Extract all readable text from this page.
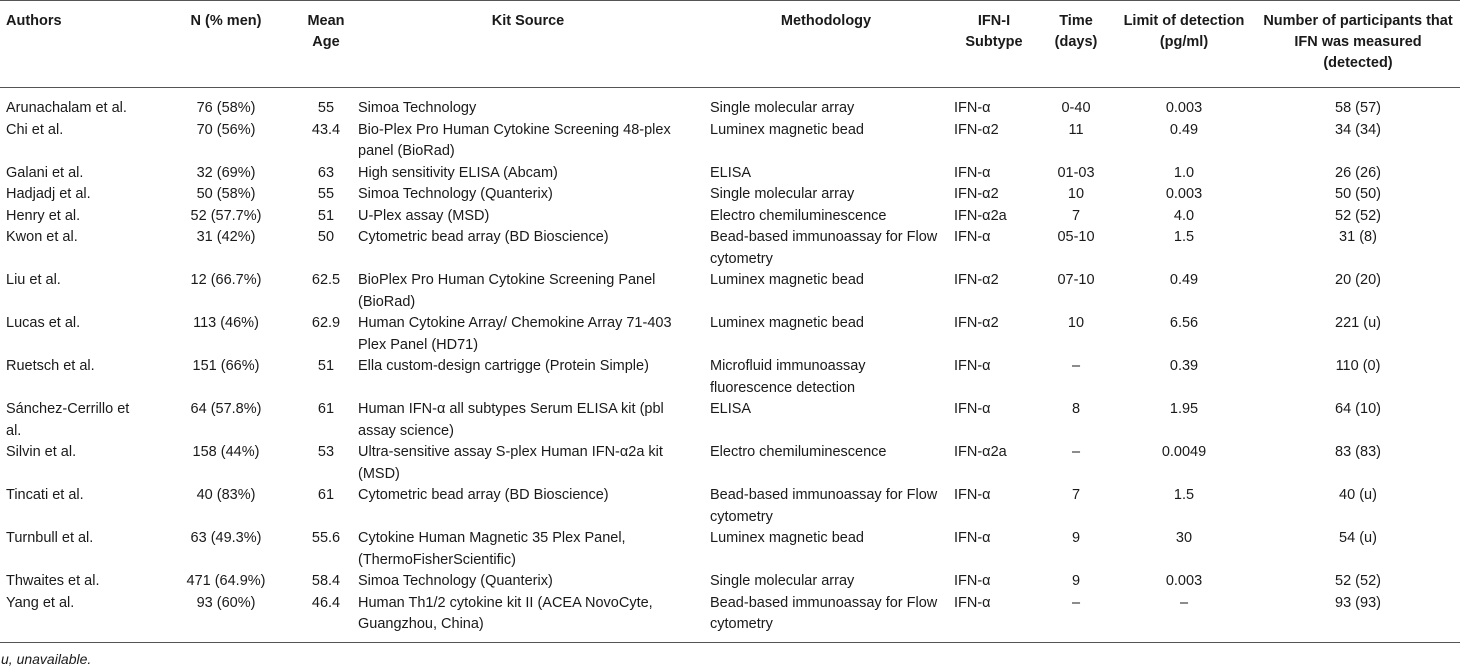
Authors	N (% men)	Mean Age	Kit Source	Methodology	IFN-I Subtype	Time (days)	Limit of detection (pg/ml)	Number of participants that IFN was measured (detected)
Arunachalam et al.	76 (58%)	55	Simoa Technology	Single molecular array	IFN-α	0-40	0.003	58 (57)
Chi et al.	70 (56%)	43.4	Bio-Plex Pro Human Cytokine Screening 48-plex panel (BioRad)	Luminex magnetic bead	IFN-α2	11	0.49	34 (34)
Galani et al.	32 (69%)	63	High sensitivity ELISA (Abcam)	ELISA	IFN-α	01-03	1.0	26 (26)
Hadjadj et al.	50 (58%)	55	Simoa Technology (Quanterix)	Single molecular array	IFN-α2	10	0.003	50 (50)
Henry et al.	52 (57.7%)	51	U-Plex assay (MSD)	Electro chemiluminescence	IFN-α2a	7	4.0	52 (52)
Kwon et al.	31 (42%)	50	Cytometric bead array (BD Bioscience)	Bead-based immunoassay for Flow cytometry	IFN-α	05-10	1.5	31 (8)
Liu et al.	12 (66.7%)	62.5	BioPlex Pro Human Cytokine Screening Panel (BioRad)	Luminex magnetic bead	IFN-α2	07-10	0.49	20 (20)
Lucas et al.	113 (46%)	62.9	Human Cytokine Array/ Chemokine Array 71-403 Plex Panel (HD71)	Luminex magnetic bead	IFN-α2	10	6.56	221 (u)
Ruetsch et al.	151 (66%)	51	Ella custom-design cartrigge (Protein Simple)	Microfluid immunoassay fluorescence detection	IFN-α	–	0.39	110 (0)
Sánchez-Cerrillo et al.	64 (57.8%)	61	Human IFN-α all subtypes Serum ELISA kit (pbl assay science)	ELISA	IFN-α	8	1.95	64 (10)
Silvin et al.	158 (44%)	53	Ultra-sensitive assay S-plex Human IFN-α2a kit (MSD)	Electro chemiluminescence	IFN-α2a	–	0.0049	83 (83)
Tincati et al.	40 (83%)	61	Cytometric bead array (BD Bioscience)	Bead-based immunoassay for Flow cytometry	IFN-α	7	1.5	40 (u)
Turnbull et al.	63 (49.3%)	55.6	Cytokine Human Magnetic 35 Plex Panel, (ThermoFisherScientific)	Luminex magnetic bead	IFN-α	9	30	54 (u)
Thwaites et al.	471 (64.9%)	58.4	Simoa Technology (Quanterix)	Single molecular array	IFN-α	9	0.003	52 (52)
Yang et al.	93 (60%)	46.4	Human Th1/2 cytokine kit II (ACEA NovoCyte, Guangzhou, China)	Bead-based immunoassay for Flow cytometry	IFN-α	–	–	93 (93)
u, unavailable.
